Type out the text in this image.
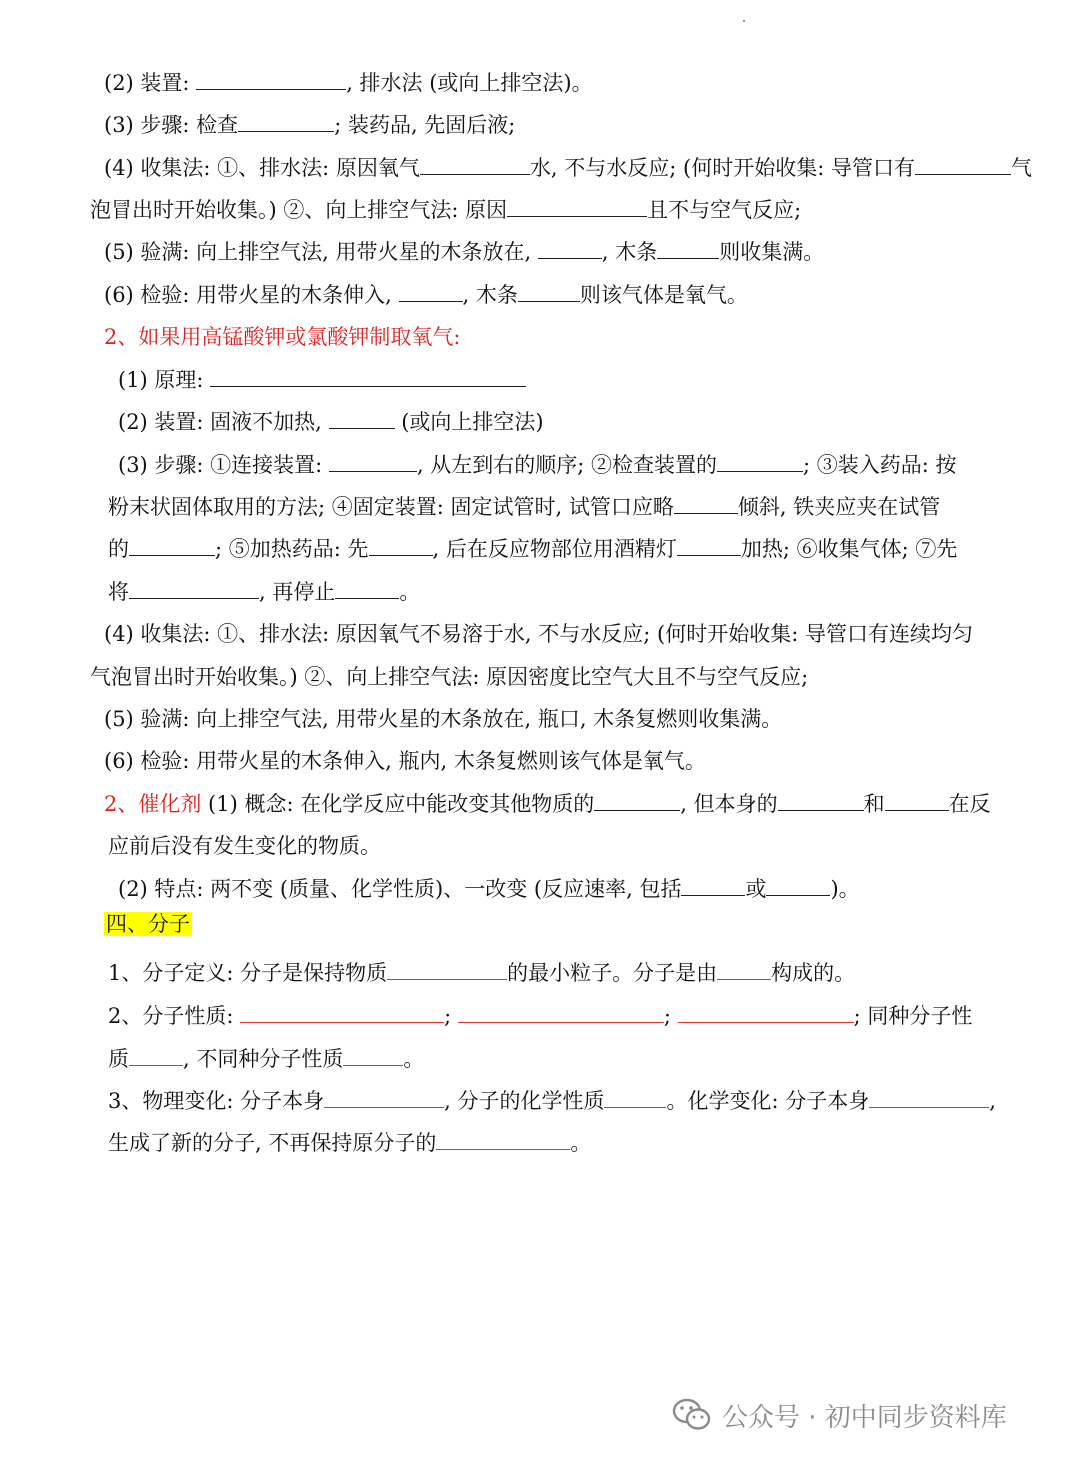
(2) 装置:	, 排水法 (或向上排空法)。
(3) 步骤: 检查	; 装药品, 先固后液;
(4) 收集法: ①、排水法: 原因氧气	水, 不与水反应; (何时开始收集: 导管口有	气
泡冒出时开始收集。) ②、向上排空气法: 原因	且不与空气反应;
(5) 验满: 向上排空气法, 用带火星的木条放在,	, 木条	则收集满。
(6) 检验: 用带火星的木条伸入,	, 木条	则该气体是氧气。
2、如果用高锰酸钾或氯酸钾制取氧气:
(1) 原理:
(2) 装置: 固液不加热,	(或向上排空法)
(3) 步骤: ①连接装置:	, 从左到右的顺序; ②检查装置的	; ③装入药品: 按
粉末状固体取用的方法; ④固定装置: 固定试管时, 试管口应略	倾斜, 铁夹应夹在试管
的	; ⑤加热药品: 先	, 后在反应物部位用酒精灯	加热; ⑥收集气体; ⑦先
将	, 再停止	。
(4) 收集法: ①、排水法: 原因氧气不易溶于水, 不与水反应; (何时开始收集: 导管口有连续均匀
气泡冒出时开始收集。) ②、向上排空气法: 原因密度比空气大且不与空气反应;
(5) 验满: 向上排空气法, 用带火星的木条放在, 瓶口, 木条复燃则收集满。
(6) 检验: 用带火星的木条伸入, 瓶内, 木条复燃则该气体是氧气。
2、催化剂 (1) 概念: 在化学反应中能改变其他物质的	, 但本身的	和	在反
应前后没有发生变化的物质。
(2) 特点: 两不变 (质量、化学性质)、一改变 (反应速率, 包括	或	)。
四、分子
1、分子定义: 分子是保持物质	的最小粒子。分子是由	构成的。
2、分子性质:	;	;	; 同种分子性
质	, 不同种分子性质	。
3、物理变化: 分子本身	, 分子的化学性质	。化学变化: 分子本身	,
生成了新的分子, 不再保持原分子的	。
公众号 · 初中同步资料库
